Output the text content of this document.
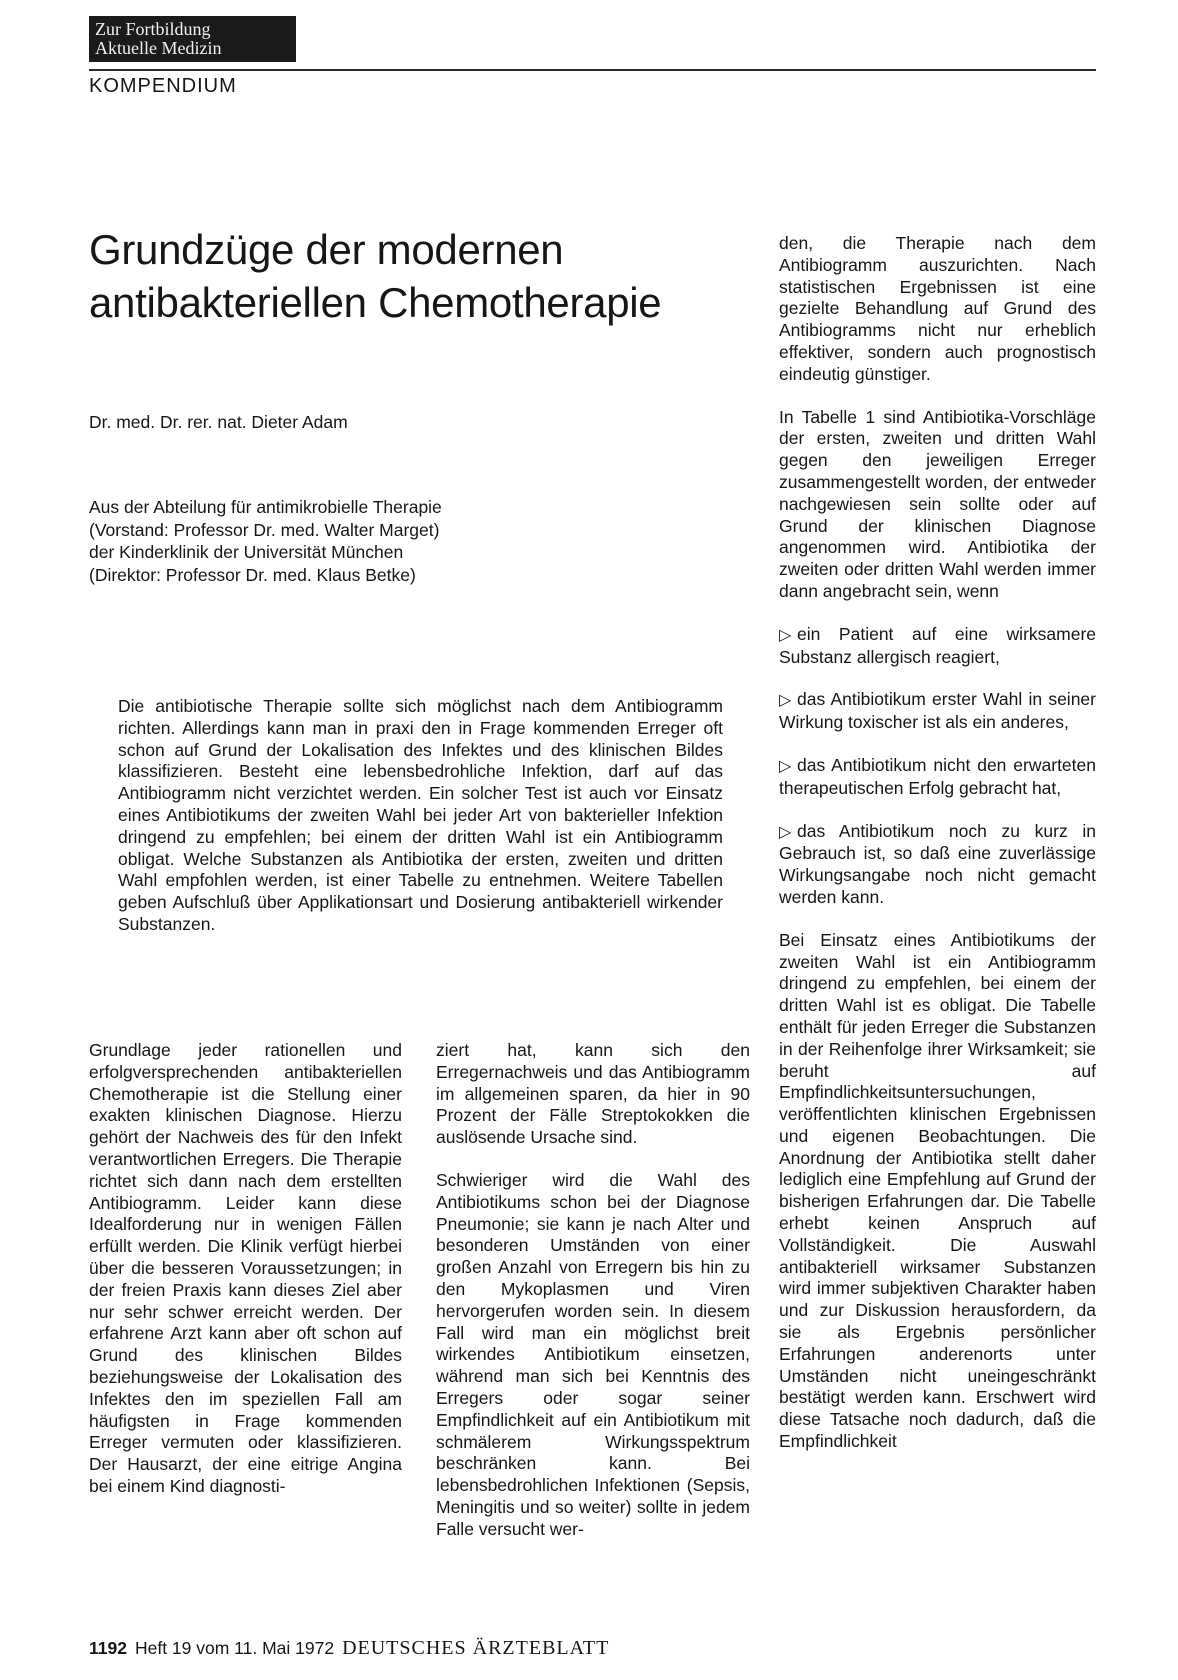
Zur Fortbildung
Aktuelle Medizin
KOMPENDIUM
Grundzüge der modernen
antibakteriellen Chemotherapie
Dr. med. Dr. rer. nat. Dieter Adam
Aus der Abteilung für antimikrobielle Therapie
(Vorstand: Professor Dr. med. Walter Marget)
der Kinderklinik der Universität München
(Direktor: Professor Dr. med. Klaus Betke)

Die antibiotische Therapie sollte sich möglichst nach dem Antibiogramm richten. Allerdings kann man in praxi den in Frage kommenden Erreger oft schon auf Grund der Lokalisation des Infektes und des klinischen Bildes klassifizieren. Besteht eine lebensbedrohliche Infektion, darf auf das Antibiogramm nicht verzichtet werden. Ein solcher Test ist auch vor Einsatz eines Antibiotikums der zweiten Wahl bei jeder Art von bakterieller Infektion dringend zu empfehlen; bei einem der dritten Wahl ist ein Antibiogramm obligat. Welche Substanzen als Antibiotika der ersten, zweiten und dritten Wahl empfohlen werden, ist einer Tabelle zu entnehmen. Weitere Tabellen geben Aufschluß über Applikationsart und Dosierung antibakteriell wirkender Substanzen.

Grundlage jeder rationellen und erfolgversprechenden antibakteriellen Chemotherapie ist die Stellung einer exakten klinischen Diagnose. Hierzu gehört der Nachweis des für den Infekt verantwortlichen Erregers. Die Therapie richtet sich dann nach dem erstellten Antibiogramm. Leider kann diese Idealforderung nur in wenigen Fällen erfüllt werden. Die Klinik verfügt hierbei über die besseren Voraussetzungen; in der freien Praxis kann dieses Ziel aber nur sehr schwer erreicht werden. Der erfahrene Arzt kann aber oft schon auf Grund des klinischen Bildes beziehungsweise der Lokalisation des Infektes den im speziellen Fall am häufigsten in Frage kommenden Erreger vermuten oder klassifizieren. Der Hausarzt, der eine eitrige Angina bei einem Kind diagnosti-

ziert hat, kann sich den Erregernachweis und das Antibiogramm im allgemeinen sparen, da hier in 90 Prozent der Fälle Streptokokken die auslösende Ursache sind.

Schwieriger wird die Wahl des Antibiotikums schon bei der Diagnose Pneumonie; sie kann je nach Alter und besonderen Umständen von einer großen Anzahl von Erregern bis hin zu den Mykoplasmen und Viren hervorgerufen worden sein. In diesem Fall wird man ein möglichst breit wirkendes Antibiotikum einsetzen, während man sich bei Kenntnis des Erregers oder sogar seiner Empfindlichkeit auf ein Antibiotikum mit schmälerem Wirkungsspektrum beschränken kann. Bei lebensbedrohlichen Infektionen (Sepsis, Meningitis und so weiter) sollte in jedem Falle versucht wer-

den, die Therapie nach dem Antibiogramm auszurichten. Nach statistischen Ergebnissen ist eine gezielte Behandlung auf Grund des Antibiogramms nicht nur erheblich effektiver, sondern auch prognostisch eindeutig günstiger.

In Tabelle 1 sind Antibiotika-Vorschläge der ersten, zweiten und dritten Wahl gegen den jeweiligen Erreger zusammengestellt worden, der entweder nachgewiesen sein sollte oder auf Grund der klinischen Diagnose angenommen wird. Antibiotika der zweiten oder dritten Wahl werden immer dann angebracht sein, wenn

▷ ein Patient auf eine wirksamere Substanz allergisch reagiert,

▷ das Antibiotikum erster Wahl in seiner Wirkung toxischer ist als ein anderes,

▷ das Antibiotikum nicht den erwarteten therapeutischen Erfolg gebracht hat,

▷ das Antibiotikum noch zu kurz in Gebrauch ist, so daß eine zuverlässige Wirkungsangabe noch nicht gemacht werden kann.

Bei Einsatz eines Antibiotikums der zweiten Wahl ist ein Antibiogramm dringend zu empfehlen, bei einem der dritten Wahl ist es obligat. Die Tabelle enthält für jeden Erreger die Substanzen in der Reihenfolge ihrer Wirksamkeit; sie beruht auf Empfindlichkeitsuntersuchungen, veröffentlichten klinischen Ergebnissen und eigenen Beobachtungen. Die Anordnung der Antibiotika stellt daher lediglich eine Empfehlung auf Grund der bisherigen Erfahrungen dar. Die Tabelle erhebt keinen Anspruch auf Vollständigkeit. Die Auswahl antibakteriell wirksamer Substanzen wird immer subjektiven Charakter haben und zur Diskussion herausfordern, da sie als Ergebnis persönlicher Erfahrungen anderenorts unter Umständen nicht uneingeschränkt bestätigt werden kann. Erschwert wird diese Tatsache noch dadurch, daß die Empfindlichkeit

1192 Heft 19 vom 11. Mai 1972 DEUTSCHES ÄRZTEBLATT
